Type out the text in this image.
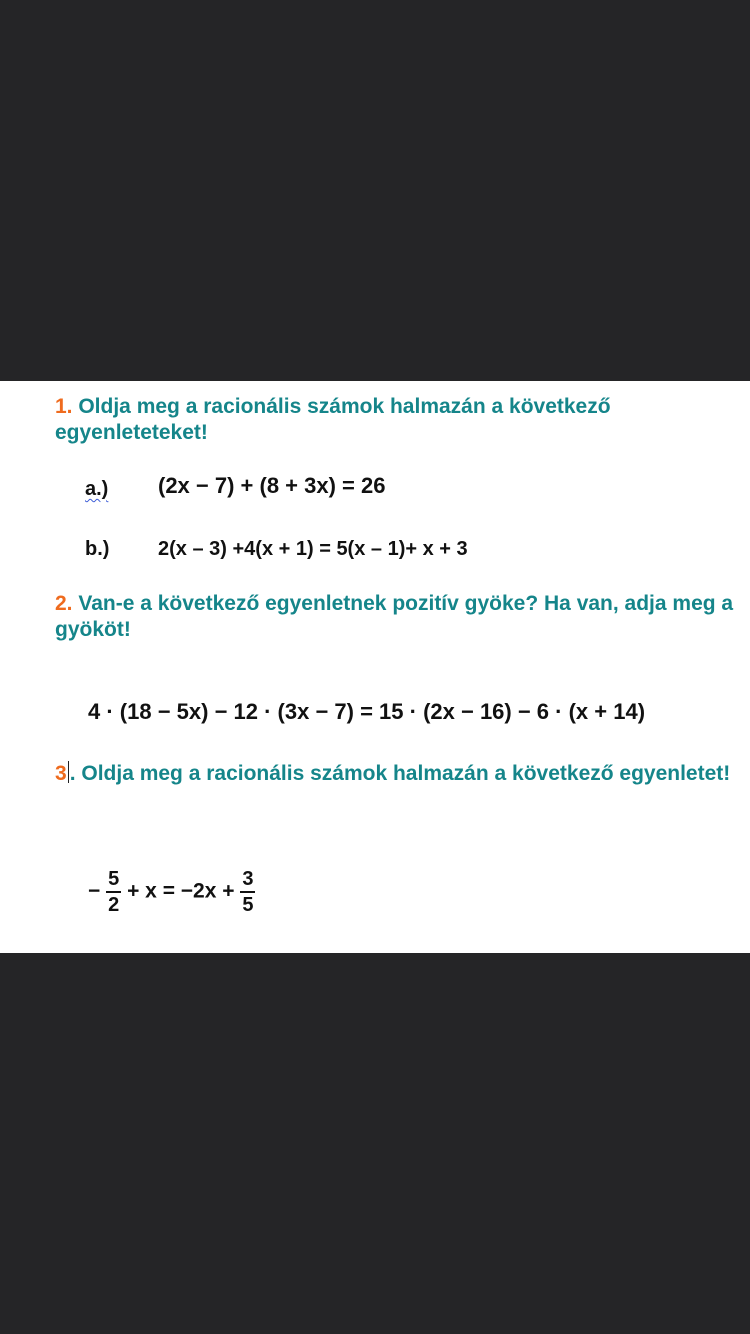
1. Oldja meg a racionális számok halmazán a következő egyenleteteket!
a.) (2x − 7) + (8 + 3x) = 26
b.) 2(x – 3) +4(x + 1) = 5(x – 1)+ x + 3
2. Van-e a következő egyenletnek pozitív gyöke? Ha van, adja meg a gyököt!
4 · (18 − 5x) − 12 · (3x − 7) = 15 · (2x − 16) − 6 · (x + 14)
3 . Oldja meg a racionális számok halmazán a következő egyenletet!
− $\frac{5}{2} + x = -2x + \frac{3}{5}$
